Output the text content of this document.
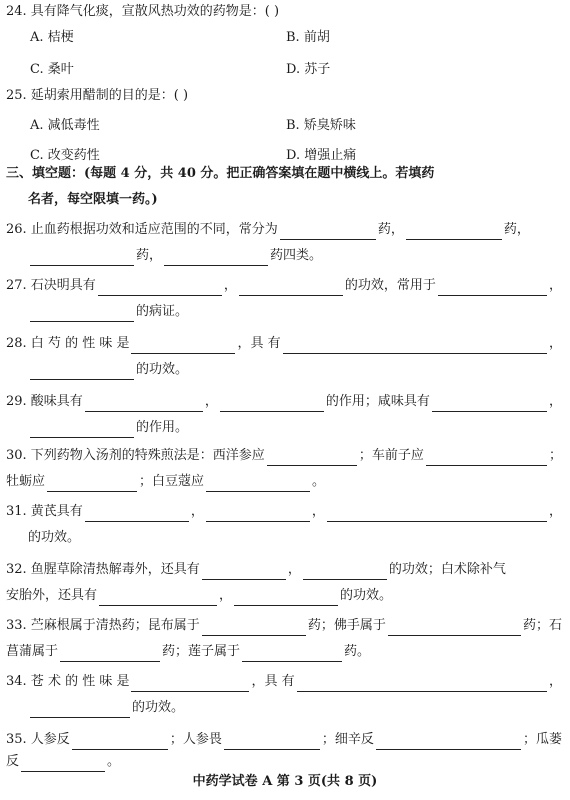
24. 具有降气化痰，宣散风热功效的药物是：( )
A. 桔梗	B. 前胡
C. 桑叶	D. 苏子
25. 延胡索用醋制的目的是：( )
A. 减低毒性	B. 矫臭矫味
C. 改变药性	D. 增强止痛
三、填空题：(每题 4 分，共 40 分。把正确答案填在题中横线上。若填药
名者，每空限填一药。)
26. 止血药根据功效和适应范围的不同，常分为	药，	药，
药，	药四类。
27. 石决明具有	，	的功效，常用于	，
的病证。
28. 白 芍 的 性 味 是	，具 有	，
的功效。
29. 酸味具有	，	的作用；咸味具有	，
的作用。
30. 下列药物入汤剂的特殊煎法是：西洋参应	；车前子应	；
牡蛎应	；白豆蔻应	。
31. 黄芪具有	，	，	，
的功效。
32. 鱼腥草除清热解毒外，还具有	，	的功效；白术除补气
安胎外，还具有	，	的功效。
33. 苎麻根属于清热药；昆布属于	药；佛手属于	药；石
菖蒲属于	药；莲子属于	药。
34. 苍 术 的 性 味 是	，具 有	，
的功效。
35. 人参反	；人参畏	；细辛反	；瓜蒌
反	。
中药学试卷 A 第 3 页(共 8 页)
